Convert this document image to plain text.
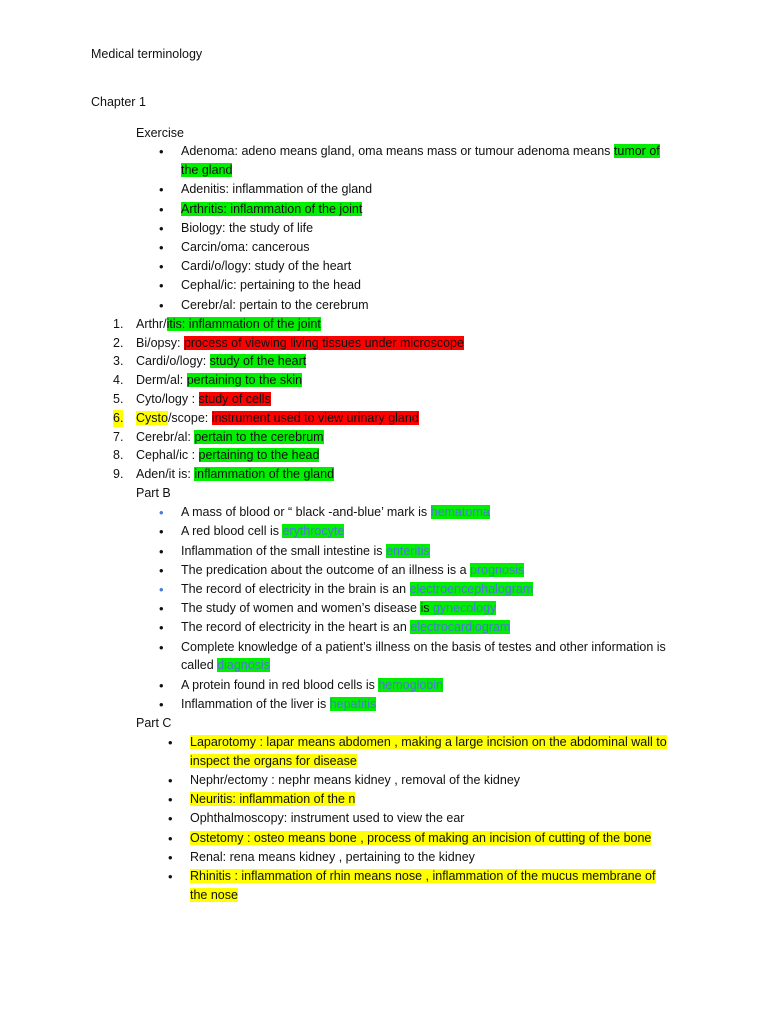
Medical terminology
Chapter 1
Exercise
• Adenoma: adeno means gland, oma means mass or tumour adenoma means tumor of
the gland
• Adenitis: inflammation of the gland
• Arthritis: inflammation of the joint
• Biology: the study of life
• Carcin/oma: cancerous
• Cardi/o/logy: study of the heart
• Cephal/ic: pertaining to the head
• Cerebr/al: pertain to the cerebrum
1. Arthr/itis: inflammation of the joint
2. Bi/opsy: process of viewing living tissues under microscope
3. Cardi/o/logy: study of the heart
4. Derm/al: pertaining to the skin
5. Cyto/logy : study of cells
6. Cysto/scope: instrument used to view urinary gland
7. Cerebr/al: pertain to the cerebrum
8. Cephal/ic : pertaining to the head
9. Aden/it is: inflammation of the gland
Part B
• A mass of blood or “ black -and-blue’ mark is hematoma
• A red blood cell is erythrocyte
• Inflammation of the small intestine is enteritis
• The predication about the outcome of an illness is a prognosis
• The record of electricity in the brain is an electroencephalogram
• The study of women and women’s disease is gynecology
• The record of electricity in the heart is an electrocardiogram
• Complete knowledge of a patient’s illness on the basis of testes and other information is
called diagnosis
• A protein found in red blood cells is hemoglobin
• Inflammation of the liver is hepatitis
Part C
• Laparotomy : lapar means abdomen , making a large incision on the abdominal wall to
inspect the organs for disease
• Nephr/ectomy : nephr means kidney , removal of the kidney
• Neuritis: inflammation of the n
• Ophthalmoscopy: instrument used to view the ear
• Ostetomy : osteo means bone , process of making an incision of cutting of the bone
• Renal: rena means kidney , pertaining to the kidney
• Rhinitis : inflammation of rhin means nose , inflammation of the mucus membrane of
the nose
